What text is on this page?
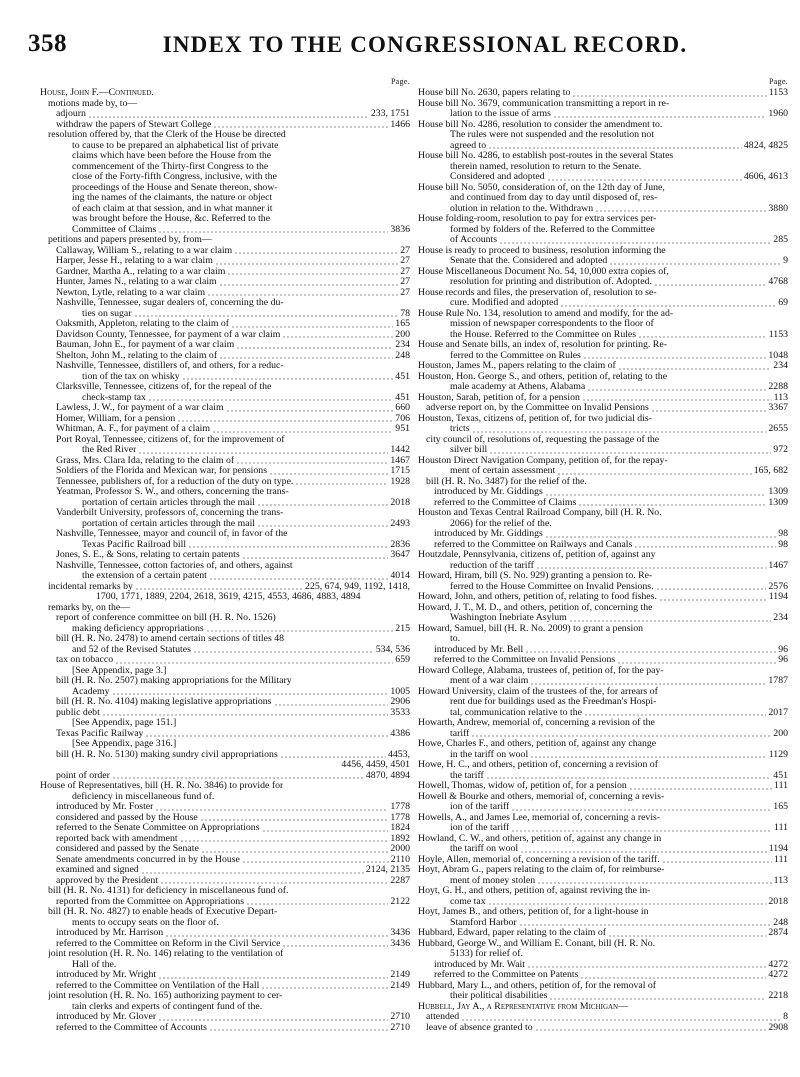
358	INDEX TO THE CONGRESSIONAL RECORD.
Page.
House, John F.—Continued.
motions made by, to—
adjourn	233, 1751
withdraw the papers of Stewart College	1466
resolution offered by, that the Clerk of the House be directed
to cause to be prepared an alphabetical list of private
claims which have been before the House from the
commencement of the Thirty-first Congress to the
close of the Forty-fifth Congress, inclusive, with the
proceedings of the House and Senate thereon, show-
ing the names of the claimants, the nature or object
of each claim at that session, and in what manner it
was brought before the House, &c. Referred to the
Committee of Claims	3836
petitions and papers presented by, from—
Callaway, William S., relating to a war claim	27
Harper, Jesse H., relating to a war claim	27
Gardner, Martha A., relating to a war claim	27
Hunter, James N., relating to a war claim	27
Newton, Lytle, relating to a war claim	27
Nashville, Tennessee, sugar dealers of, concerning the du-
ties on sugar	78
Oaksmith, Appleton, relating to the claim of	165
Davidson County, Tennessee, for payment of a war claim	200
Bauman, John E., for payment of a war claim	234
Shelton, John M., relating to the claim of	248
Nashville, Tennessee, distillers of, and others, for a reduc-
tion of the tax on whisky	451
Clarksville, Tennessee, citizens of, for the repeal of the
check-stamp tax	451
Lawless, J. W., for payment of a war claim	660
Homer, William, for a pension	706
Whitman, A. F., for payment of a claim	951
Port Royal, Tennessee, citizens of, for the improvement of
the Red River	1442
Grass, Mrs. Clara Ida, relating to the claim of	1467
Soldiers of the Florida and Mexican war, for pensions	1715
Tennessee, publishers of, for a reduction of the duty on type.	1928
Yeatman, Professor S. W., and others, concerning the trans-
portation of certain articles through the mail	2018
Vanderbilt University, professors of, concerning the trans-
portation of certain articles through the mail	2493
Nashville, Tennessee, mayor and council of, in favor of the
Texas Pacific Railroad bill	2836
Jones, S. E., & Sons, relating to certain patents	3647
Nashville, Tennessee, cotton factories of, and others, against
the extension of a certain patent	4014
incidental remarks by	225, 674, 949, 1192, 1418,
1700, 1771, 1889, 2204, 2618, 3619, 4215, 4553, 4686, 4883, 4894
remarks by, on the—
report of conference committee on bill (H. R. No. 1526)
making deficiency appropriations	215
bill (H. R. No. 2478) to amend certain sections of titles 48
and 52 of the Revised Statutes	534, 536
tax on tobacco	659
[See Appendix, page 3.]
bill (H. R. No. 2507) making appropriations for the Military
Academy	1005
bill (H. R. No. 4104) making legislative appropriations	2906
public debt	3533
[See Appendix, page 151.]
Texas Pacific Railway	4386
[See Appendix, page 316.]
bill (H. R. No. 5130) making sundry civil appropriations	4453,
4456, 4459, 4501
point of order	4870, 4894
House of Representatives, bill (H. R. No. 3846) to provide for
deficiency in miscellaneous fund of.
introduced by Mr. Foster	1778
considered and passed by the House	1778
referred to the Senate Committee on Appropriations	1824
reported back with amendment	1892
considered and passed by the Senate	2000
Senate amendments concurred in by the House	2110
examined and signed	2124, 2135
approved by the President	2287
bill (H. R. No. 4131) for deficiency in miscellaneous fund of.
reported from the Committee on Appropriations	2122
bill (H. R. No. 4827) to enable heads of Executive Depart-
ments to occupy seats on the floor of.
introduced by Mr. Harrison	3436
referred to the Committee on Reform in the Civil Service	3436
joint resolution (H. R. No. 146) relating to the ventilation of
Hall of the.
introduced by Mr. Wright	2149
referred to the Committee on Ventilation of the Hall	2149
joint resolution (H. R. No. 165) authorizing payment to cer-
tain clerks and experts of contingent fund of the.
introduced by Mr. Glover	2710
referred to the Committee of Accounts	2710
Page.
House bill No. 2630, papers relating to	1153
House bill No. 3679, communication transmitting a report in re-
lation to the issue of arms	1960
House bill No. 4286, resolution to consider the amendment to.
The rules were not suspended and the resolution not
agreed to	4824, 4825
House bill No. 4286, to establish post-routes in the several States
therein named, resolution to return to the Senate.
Considered and adopted	4606, 4613
House bill No. 5050, consideration of, on the 12th day of June,
and continued from day to day until disposed of, res-
olution in relation to the. Withdrawn	3880
House folding-room, resolution to pay for extra services per-
formed by folders of the. Referred to the Committee
of Accounts	285
House is ready to proceed to business, resolution informing the
Senate that the. Considered and adopted	9
House Miscellaneous Document No. 54, 10,000 extra copies of,
resolution for printing and distribution of. Adopted.	4768
House records and files, the preservation of, resolution to se-
cure. Modified and adopted	69
House Rule No. 134, resolution to amend and modify, for the ad-
mission of newspaper correspondents to the floor of
the House. Referred to the Committee on Rules	1153
House and Senate bills, an index of, resolution for printing. Re-
ferred to the Committee on Rules	1048
Houston, James M., papers relating to the claim of	234
Houston, Hon. George S., and others, petition of, relating to the
male academy at Athens, Alabama	2288
Houston, Sarah, petition of, for a pension	113
adverse report on, by the Committee on Invalid Pensions	3367
Houston, Texas, citizens of, petition of, for two judicial dis-
tricts	2655
city council of, resolutions of, requesting the passage of the
silver bill	972
Houston Direct Navigation Company, petition of, for the repay-
ment of certain assessment	165, 682
bill (H. R. No. 3487) for the relief of the.
introduced by Mr. Giddings	1309
referred to the Committee of Claims	1309
Houston and Texas Central Railroad Company, bill (H. R. No.
2066) for the relief of the.
introduced by Mr. Giddings	98
referred to the Committee on Railways and Canals	98
Houtzdale, Pennsylvania, citizens of, petition of, against any
reduction of the tariff	1467
Howard, Hiram, bill (S. No. 929) granting a pension to. Re-
ferred to the House Committee on Invalid Pensions.	2576
Howard, John, and others, petition of, relating to food fishes.	1194
Howard, J. T., M. D., and others, petition of, concerning the
Washington Inebriate Asylum	234
Howard, Samuel, bill (H. R. No. 2009) to grant a pension
to.
introduced by Mr. Bell	96
referred to the Committee on Invalid Pensions	96
Howard College, Alabama, trustees of, petition of, for the pay-
ment of a war claim	1787
Howard University, claim of the trustees of the, for arrears of
rent due for buildings used as the Freedman's Hospi-
tal, communication relative to the	2017
Howarth, Andrew, memorial of, concerning a revision of the
tariff	200
Howe, Charles F., and others, petition of, against any change
in the tariff on wool	1129
Howe, H. C., and others, petition of, concerning a revision of
the tariff	451
Howell, Thomas, widow of, petition of, for a pension	111
Howell & Bourke and others, memorial of, concerning a revis-
ion of the tariff	165
Howells, A., and James Lee, memorial of, concerning a revis-
ion of the tariff	111
Howland, C. W., and others, petition of, against any change in
the tariff on wool	1194
Hoyle, Allen, memorial of, concerning a revision of the tariff.	111
Hoyt, Abram G., papers relating to the claim of, for reimburse-
ment of money stolen	113
Hoyt, G. H., and others, petition of, against reviving the in-
come tax	2018
Hoyt, James B., and others, petition of, for a light-house in
Stamford Harbor	248
Hubbard, Edward, paper relating to the claim of	2874
Hubbard, George W., and William E. Conant, bill (H. R. No.
5133) for relief of.
introduced by Mr. Wait	4272
referred to the Committee on Patents	4272
Hubbard, Mary L., and others, petition of, for the removal of
their political disabilities	2218
Hubbell, Jay A., a Representative from Michigan—
attended	8
leave of absence granted to	2908
